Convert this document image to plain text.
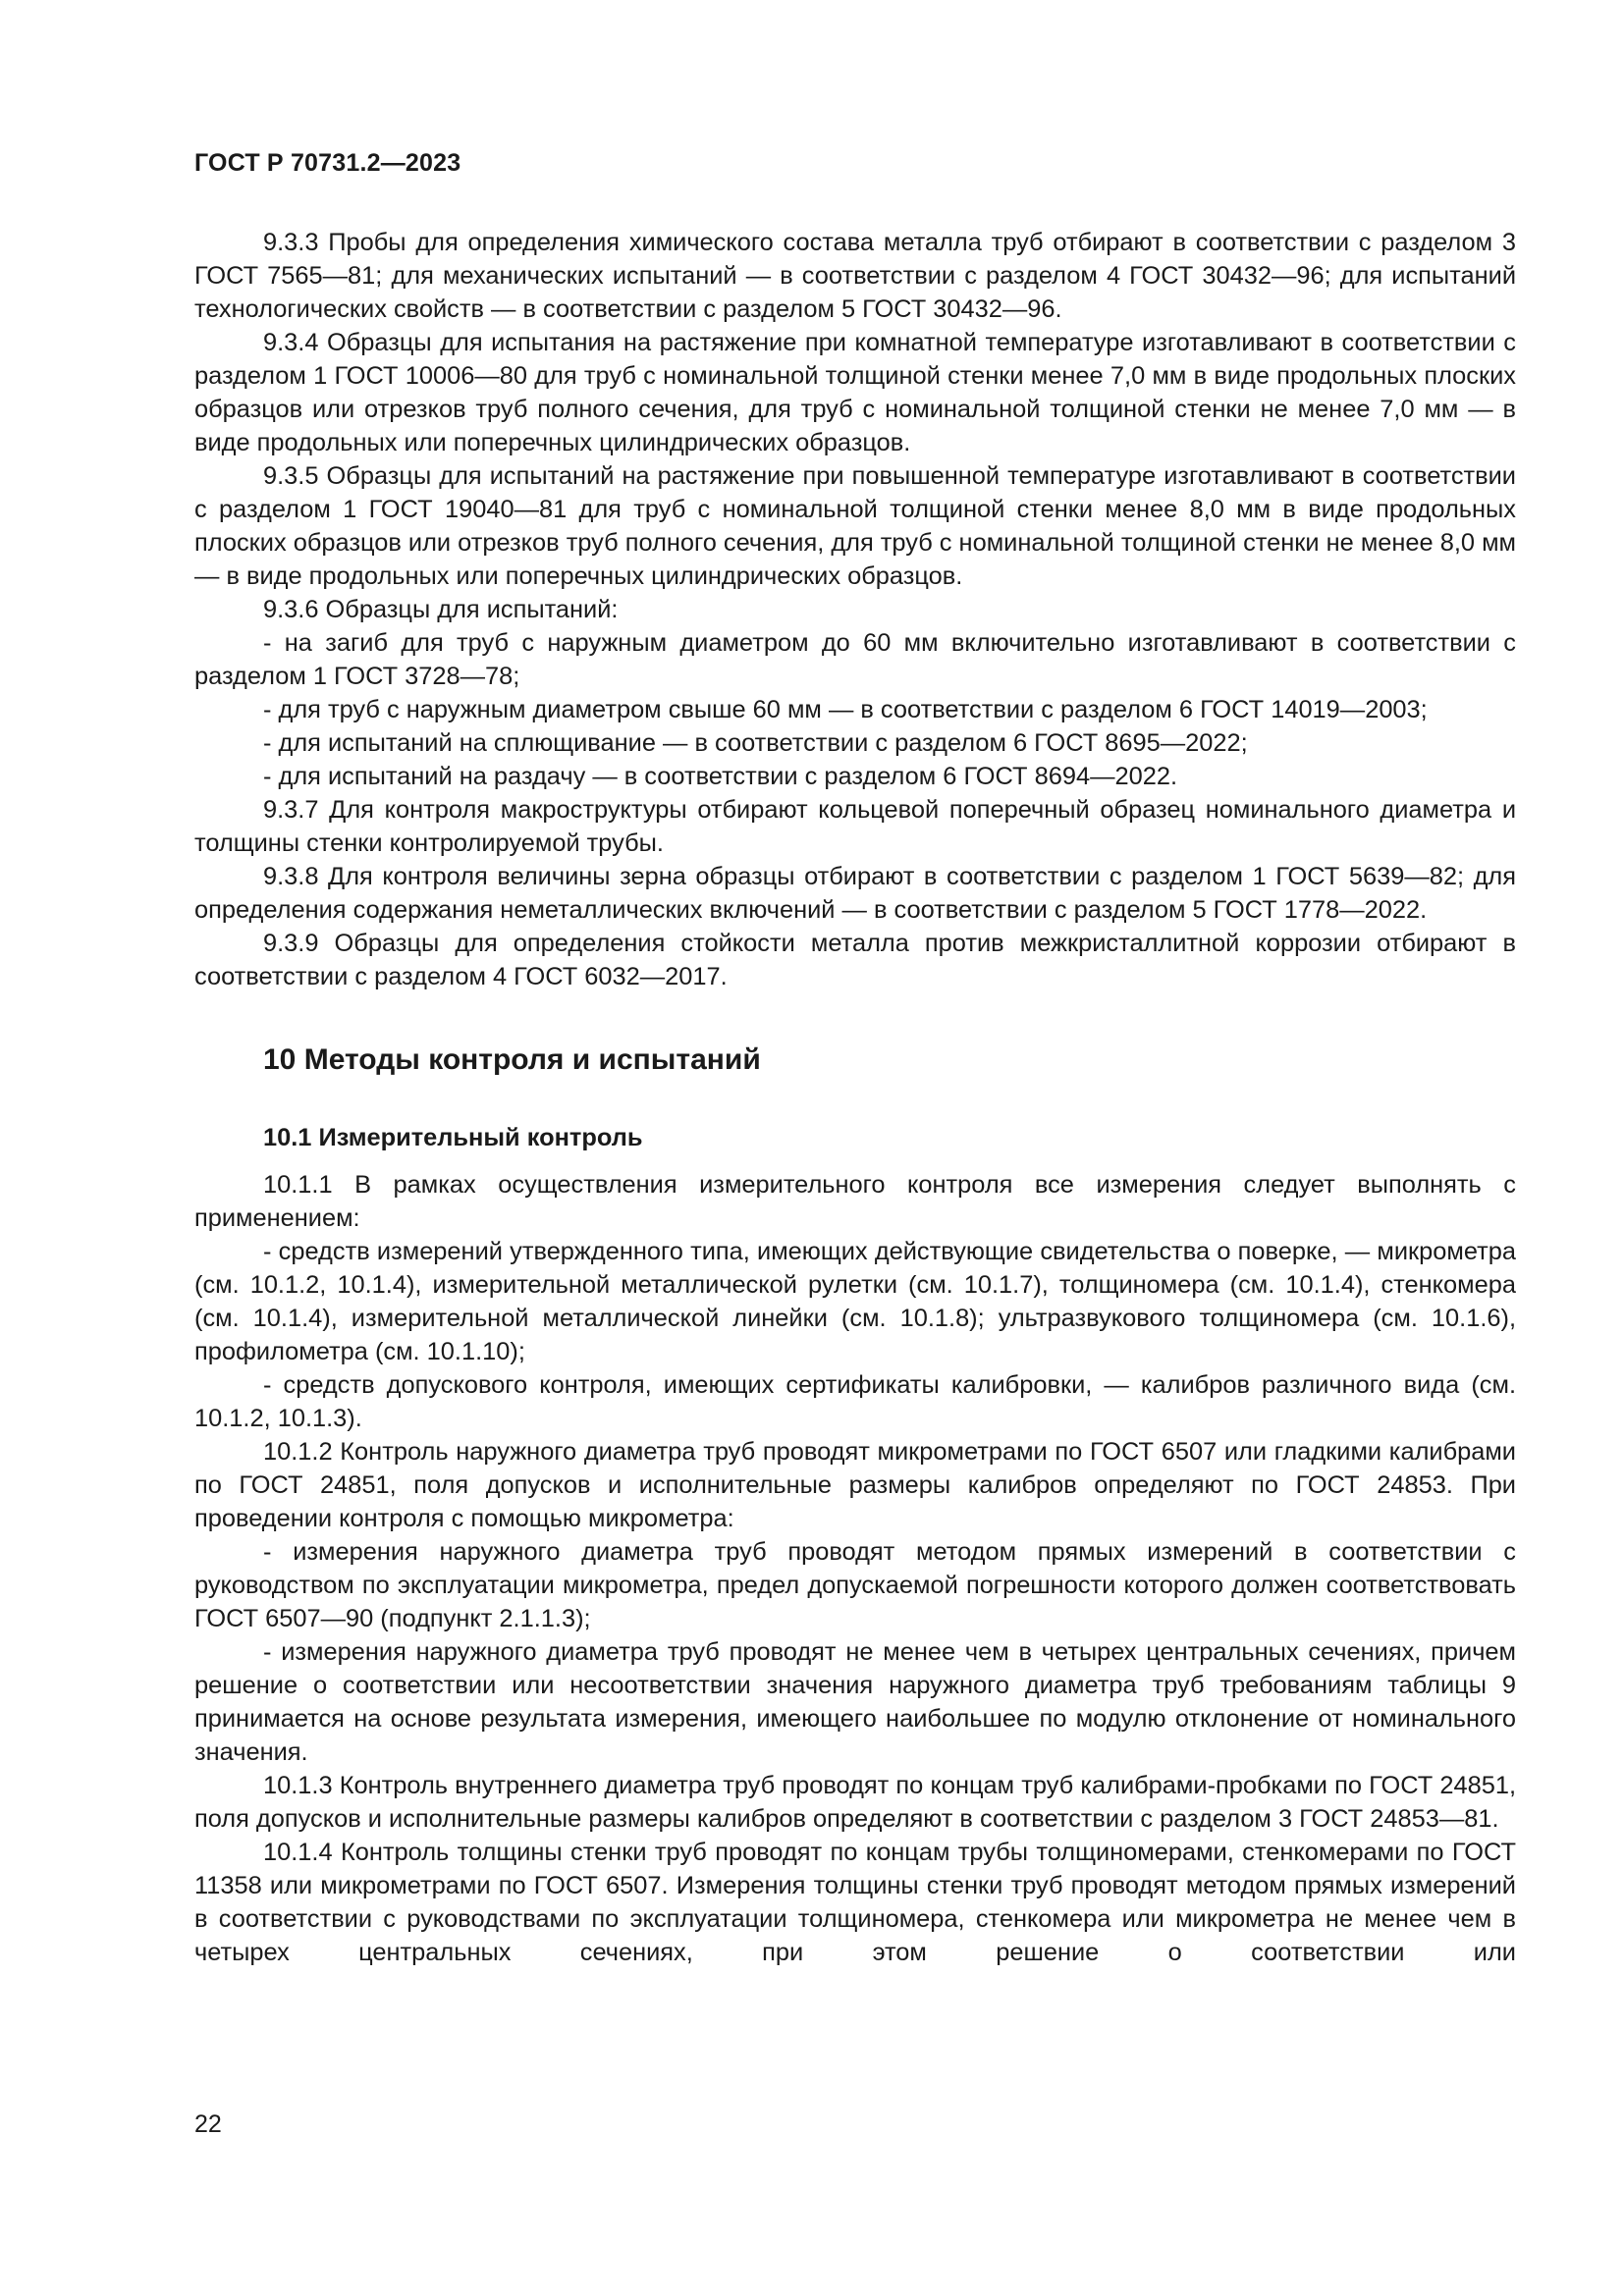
ГОСТ Р 70731.2—2023

9.3.3 Пробы для определения химического состава металла труб отбирают в соответствии с разделом 3 ГОСТ 7565—81; для механических испытаний — в соответствии с разделом 4 ГОСТ 30432—96; для испытаний технологических свойств — в соответствии с разделом 5 ГОСТ 30432—96.

9.3.4 Образцы для испытания на растяжение при комнатной температуре изготавливают в соответствии с разделом 1 ГОСТ 10006—80 для труб с номинальной толщиной стенки менее 7,0 мм в виде продольных плоских образцов или отрезков труб полного сечения, для труб с номинальной толщиной стенки не менее 7,0 мм — в виде продольных или поперечных цилиндрических образцов.

9.3.5 Образцы для испытаний на растяжение при повышенной температуре изготавливают в соответствии с разделом 1 ГОСТ 19040—81 для труб с номинальной толщиной стенки менее 8,0 мм в виде продольных плоских образцов или отрезков труб полного сечения, для труб с номинальной толщиной стенки не менее 8,0 мм — в виде продольных или поперечных цилиндрических образцов.

9.3.6 Образцы для испытаний:

- на загиб для труб с наружным диаметром до 60 мм включительно изготавливают в соответствии с разделом 1 ГОСТ 3728—78;

- для труб с наружным диаметром свыше 60 мм — в соответствии с разделом 6 ГОСТ 14019—2003;

- для испытаний на сплющивание — в соответствии с разделом 6 ГОСТ 8695—2022;

- для испытаний на раздачу — в соответствии с разделом 6 ГОСТ 8694—2022.

9.3.7 Для контроля макроструктуры отбирают кольцевой поперечный образец номинального диаметра и толщины стенки контролируемой трубы.

9.3.8 Для контроля величины зерна образцы отбирают в соответствии с разделом 1 ГОСТ 5639—82; для определения содержания неметаллических включений — в соответствии с разделом 5 ГОСТ 1778—2022.

9.3.9 Образцы для определения стойкости металла против межкристаллитной коррозии отбирают в соответствии с разделом 4 ГОСТ 6032—2017.

10 Методы контроля и испытаний
10.1 Измерительный контроль

10.1.1 В рамках осуществления измерительного контроля все измерения следует выполнять с применением:

- средств измерений утвержденного типа, имеющих действующие свидетельства о поверке, — микрометра (см. 10.1.2, 10.1.4), измерительной металлической рулетки (см. 10.1.7), толщиномера (см. 10.1.4), стенкомера (см. 10.1.4), измерительной металлической линейки (см. 10.1.8); ультразвукового толщиномера (см. 10.1.6), профилометра (см. 10.1.10);

- средств допускового контроля, имеющих сертификаты калибровки, — калибров различного вида (см. 10.1.2, 10.1.3).

10.1.2 Контроль наружного диаметра труб проводят микрометрами по ГОСТ 6507 или гладкими калибрами по ГОСТ 24851, поля допусков и исполнительные размеры калибров определяют по ГОСТ 24853. При проведении контроля с помощью микрометра:

- измерения наружного диаметра труб проводят методом прямых измерений в соответствии с руководством по эксплуатации микрометра, предел допускаемой погрешности которого должен соответствовать ГОСТ 6507—90 (подпункт 2.1.1.3);

- измерения наружного диаметра труб проводят не менее чем в четырех центральных сечениях, причем решение о соответствии или несоответствии значения наружного диаметра труб требованиям таблицы 9 принимается на основе результата измерения, имеющего наибольшее по модулю отклонение от номинального значения.

10.1.3 Контроль внутреннего диаметра труб проводят по концам труб калибрами-пробками по ГОСТ 24851, поля допусков и исполнительные размеры калибров определяют в соответствии с разделом 3 ГОСТ 24853—81.

10.1.4 Контроль толщины стенки труб проводят по концам трубы толщиномерами, стенкомерами по ГОСТ 11358 или микрометрами по ГОСТ 6507. Измерения толщины стенки труб проводят методом прямых измерений в соответствии с руководствами по эксплуатации толщиномера, стенкомера или микрометра не менее чем в четырех центральных сечениях, при этом решение о соответствии или

22
